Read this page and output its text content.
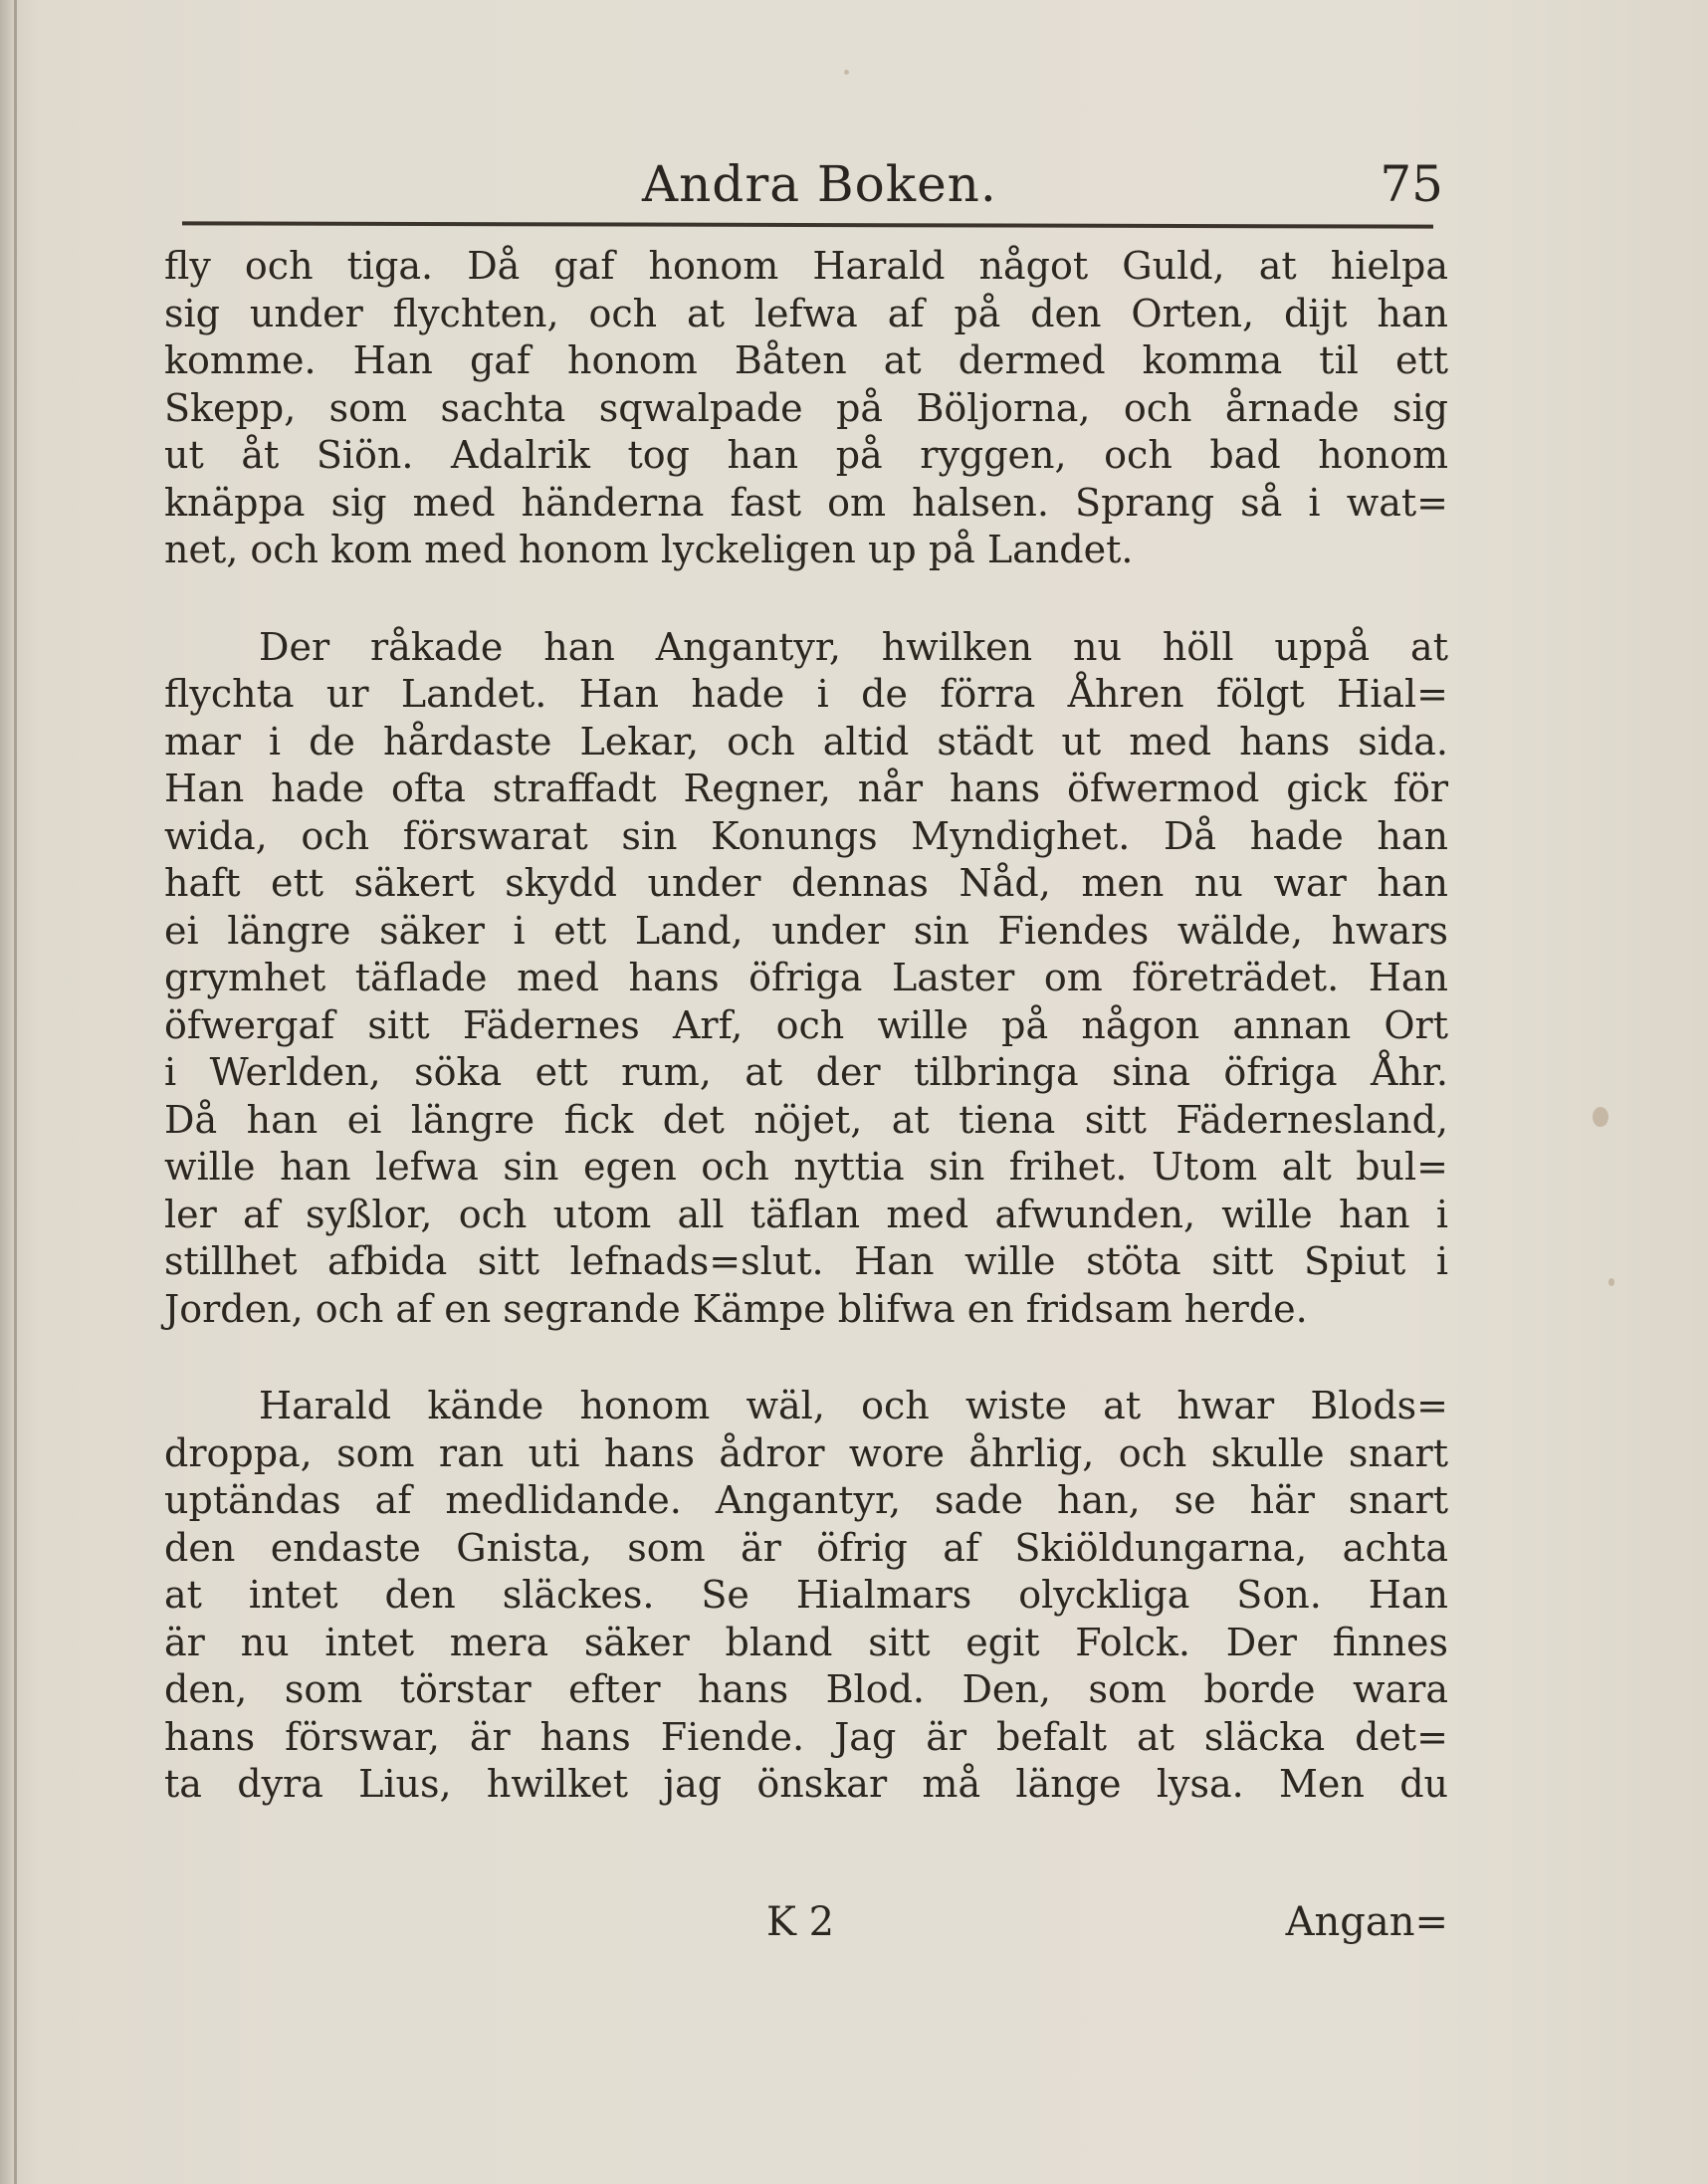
Andra Boken.	75
fly och tiga. Då gaf honom Harald något Guld, at hielpa
sig under flychten, och at lefwa af på den Orten, dijt han
komme. Han gaf honom Båten at dermed komma til ett
Skepp, som sachta sqwalpade på Böljorna, och årnade sig
ut åt Siön. Adalrik tog han på ryggen, och bad honom
knäppa sig med händerna fast om halsen. Sprang så i wat=
net, och kom med honom lyckeligen up på Landet.
Der råkade han Angantyr, hwilken nu höll uppå at
flychta ur Landet. Han hade i de förra Åhren fölgt Hial=
mar i de hårdaste Lekar, och altid städt ut med hans sida.
Han hade ofta straffadt Regner, når hans öfwermod gick för
wida, och förswarat sin Konungs Myndighet. Då hade han
haft ett säkert skydd under dennas Nåd, men nu war han
ei längre säker i ett Land, under sin Fiendes wälde, hwars
grymhet täflade med hans öfriga Laster om företrädet. Han
öfwergaf sitt Fädernes Arf, och wille på någon annan Ort
i Werlden, söka ett rum, at der tilbringa sina öfriga Åhr.
Då han ei längre fick det nöjet, at tiena sitt Fädernesland,
wille han lefwa sin egen och nyttia sin frihet. Utom alt bul=
ler af syßlor, och utom all täflan med afwunden, wille han i
stillhet afbida sitt lefnads=slut. Han wille stöta sitt Spiut i
Jorden, och af en segrande Kämpe blifwa en fridsam herde.
Harald kände honom wäl, och wiste at hwar Blods=
droppa, som ran uti hans ådror wore åhrlig, och skulle snart
uptändas af medlidande. Angantyr, sade han, se här snart
den endaste Gnista, som är öfrig af Skiöldungarna, achta
at intet den släckes. Se Hialmars olyckliga Son. Han
är nu intet mera säker bland sitt egit Folck. Der finnes
den, som törstar efter hans Blod. Den, som borde wara
hans förswar, är hans Fiende. Jag är befalt at släcka det=
ta dyra Lius, hwilket jag önskar må länge lysa. Men du
K 2	Angan=
